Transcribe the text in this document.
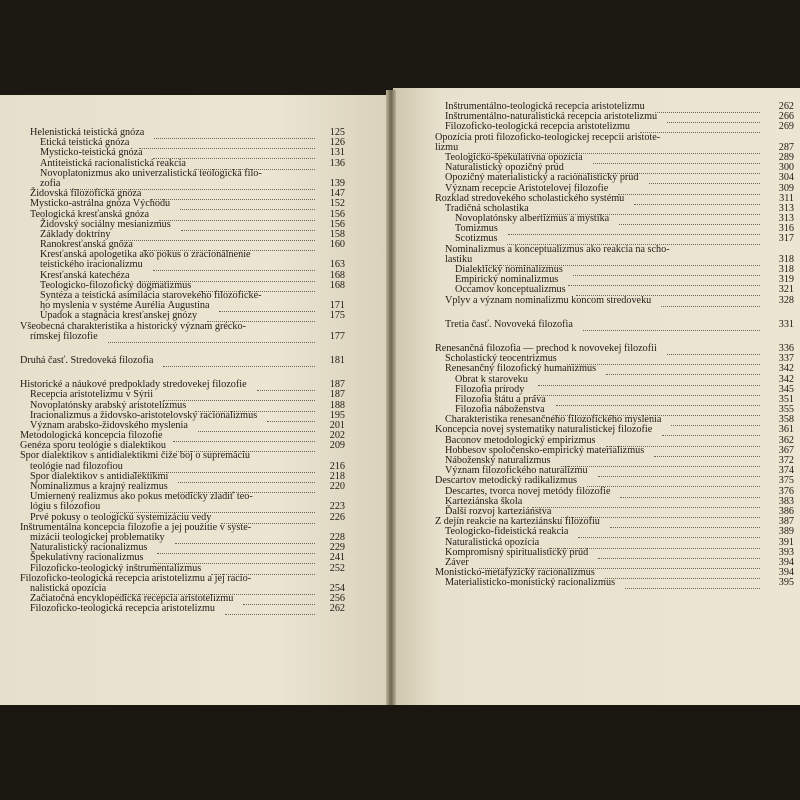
Helenistická teistická gnóza	125
Etická teistická gnóza	126
Mysticko-teistická gnóza	131
Antiteistická racionalistická reakcia	136
Novoplatonizmus ako univerzalistická teologická filo-
zofia	139
Židovská filozofická gnóza	147
Mysticko-astrálna gnóza Východu	152
Teologická kresťanská gnóza	156
Židovský sociálny mesianizmus	156
Základy doktríny	158
Ranokresťanská gnóza	160
Kresťanská apologetika ako pokus o zracionálnenie
teistického iracionalizmu	163
Kresťanská katechéza	168
Teologicko-filozofický dogmatizmus	168
Syntéza a teistická asimilácia starovekého filozofické-
ho myslenia v systéme Auréliа Augustína	171
Úpadok a stagnácia kresťanskej gnózy	175
Všeobecná charakteristika a historický význam grécko-
rímskej filozofie	177
Druhá časť. Stredoveká filozofia	181
Historické a náukové predpoklady stredovekej filozofie	187
Recepcia aristotelizmu v Sýrii	187
Novoplatónsky arabský aristotelizmus	188
Iracionalizmus a židovsko-aristotelovský racionalizmus	195
Význam arabsko-židovského myslenia	201
Metodologická koncepcia filozofie	202
Genéza sporu teológie s dialektikou	209
Spor dialektikov s antidialektikmi čiže boj o supremáciu
teológie nad filozofiou	216
Spor dialektikov s antidialektikmi	218
Nominalizmus a krajný realizmus	220
Umiernený realizmus ako pokus metodicky zladiť teo-
lógiu s filozofiou	223
Prvé pokusy o teologickú systemizáciu vedy	226
Inštrumentálna koncepcia filozofie a jej použitie v syste-
mizácii teologickej problematiky	228
Naturalistický racionalizmus	229
Špekulatívny racionalizmus	241
Filozoficko-teologický inštrumentalizmus	252
Filozoficko-teologická recepcia aristotelizmu a jej racio-
nalistická opozícia	254
Začiatočná encyklopedická recepcia aristotelizmu	256
Filozoficko-teologická recepcia aristotelizmu	262
Inštrumentálno-teologická recepcia aristotelizmu	262
Inštrumentálno-naturalistická recepcia aristotelizmu	266
Filozoficko-teologická recepcia aristotelizmu	269
Opozícia proti filozoficko-teologickej recepcii aristote-
lizmu	287
Teologicko-špekulatívna opozícia	289
Naturalistický opozičný prúd	300
Opozičný materialistický a racionalistický prúd	304
Význam recepcie Aristotelovej filozofie	309
Rozklad stredovekého scholastického systému	311
Tradičná scholastika	313
Novoplatónsky albertizmus a mystika	313
Tomizmus	316
Scotizmus	317
Nominalizmus a konceptualizmus ako reakcia na scho-
lastiku	318
Dialektický nominalizmus	318
Empirický nominalizmus	319
Occamov konceptualizmus	321
Vplyv a význam nominalizmu koncom stredoveku	328
Tretia časť. Novoveká filozofia	331
Renesančná filozofia — prechod k novovekej filozofii	336
Scholastický teocentrizmus	337
Renesančný filozofický humanizmus	342
Obrat k staroveku	342
Filozofia prírody	345
Filozofia štátu a práva	351
Filozofia náboženstva	355
Charakteristika renesančného filozofického myslenia	358
Koncepcia novej systematiky naturalistickej filozofie	361
Baconov metodologický empirizmus	362
Hobbesov spoločensko-empirický materializmus	367
Náboženský naturalizmus	372
Význam filozofického naturalizmu	374
Descartov metodický radikalizmus	375
Descartes, tvorca novej metódy filozofie	376
Karteziánska škola	383
Ďalší rozvoj karteziánstva	386
Z dejín reakcie na karteziánsku filozofiu	387
Teologicko-fideistická reakcia	389
Naturalistická opozícia	391
Kompromisný spiritualistický prúd	393
Záver	394
Monisticko-metafyzický racionalizmus	394
Materialisticko-monistický racionalizmus	395
